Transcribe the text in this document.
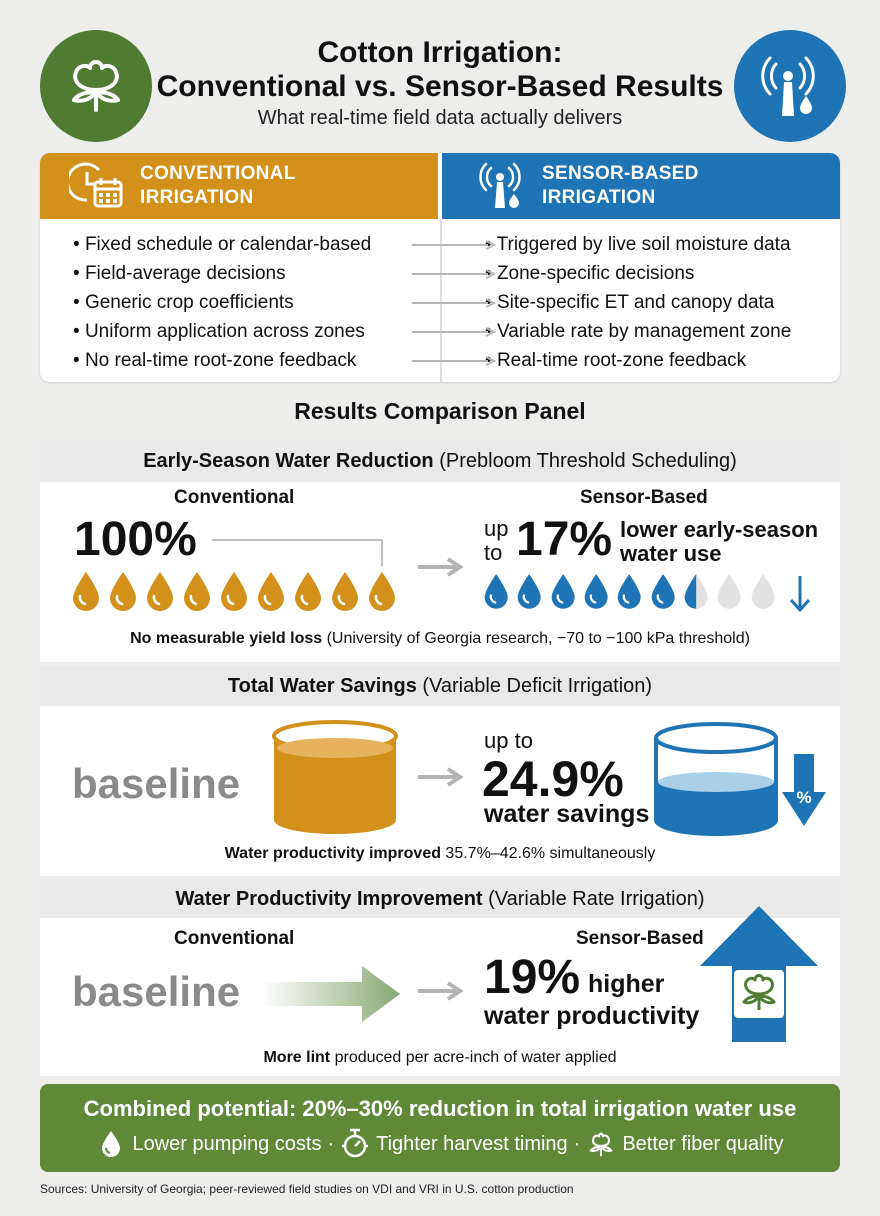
Cotton Irrigation:
Conventional vs. Sensor-Based Results
What real-time field data actually delivers
CONVENTIONAL
IRRIGATION
SENSOR-BASED
IRRIGATION
• Fixed schedule or calendar-based
• Field-average decisions
• Generic crop coefficients
• Uniform application across zones
• No real-time root-zone feedback
• Triggered by live soil moisture data
• Zone-specific decisions
• Site-specific ET and canopy data
• Variable rate by management zone
• Real-time root-zone feedback
Results Comparison Panel
Early-Season Water Reduction (Prebloom Threshold Scheduling)
Conventional
100%
Sensor-Based
up
to 17% lower early-season
water use
No measurable yield loss (University of Georgia research, −70 to −100 kPa threshold)
Total Water Savings (Variable Deficit Irrigation)
baseline
up to
24.9%
water savings
%
Water productivity improved 35.7%–42.6% simultaneously
Water Productivity Improvement (Variable Rate Irrigation)
Conventional
baseline
Sensor-Based
19% higher
water productivity
More lint produced per acre-inch of water applied
Combined potential: 20%–30% reduction in total irrigation water use
Lower pumping costs · Tighter harvest timing · Better fiber quality
Sources: University of Georgia; peer-reviewed field studies on VDI and VRI in U.S. cotton production
